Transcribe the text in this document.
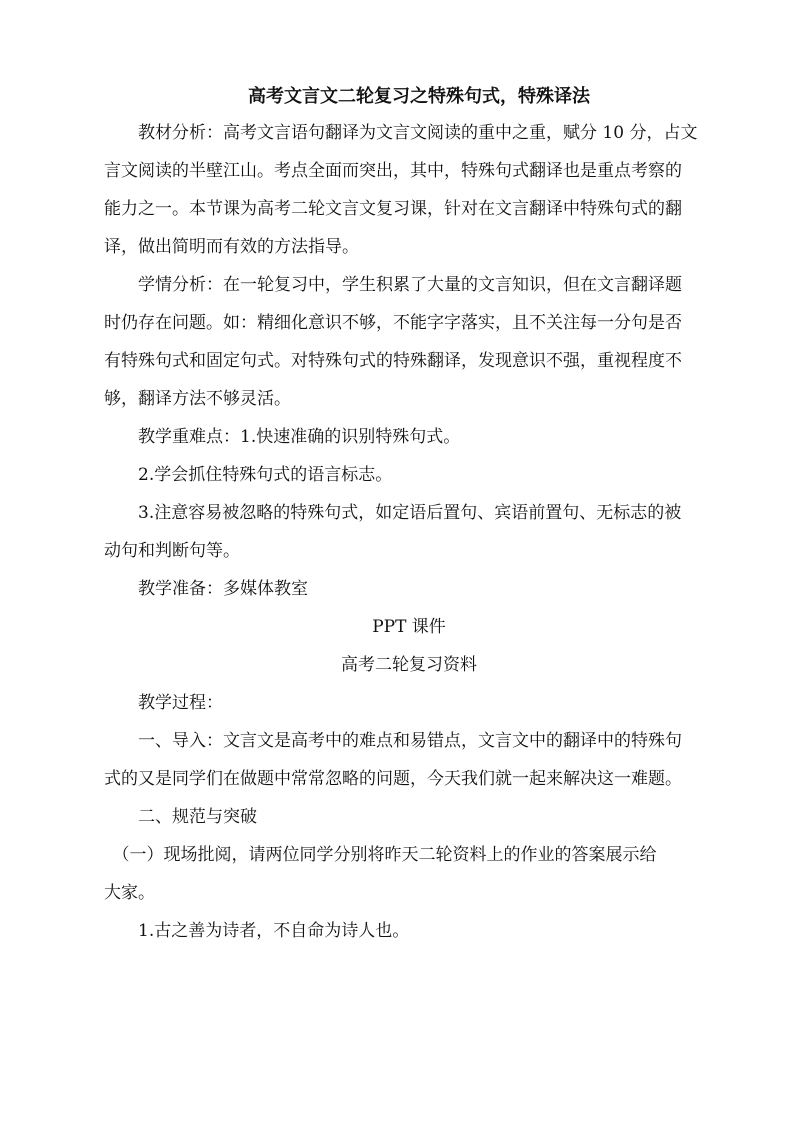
高考文言文二轮复习之特殊句式，特殊译法

　　教材分析：高考文言语句翻译为文言文阅读的重中之重，赋分 10 分，占文
言文阅读的半壁江山。考点全面而突出，其中，特殊句式翻译也是重点考察的
能力之一。本节课为高考二轮文言文复习课，针对在文言翻译中特殊句式的翻
译，做出简明而有效的方法指导。

　　学情分析：在一轮复习中，学生积累了大量的文言知识，但在文言翻译题
时仍存在问题。如：精细化意识不够，不能字字落实，且不关注每一分句是否
有特殊句式和固定句式。对特殊句式的特殊翻译，发现意识不强，重视程度不
够，翻译方法不够灵活。

　　教学重难点：1.快速准确的识别特殊句式。

　　2.学会抓住特殊句式的语言标志。

　　3.注意容易被忽略的特殊句式，如定语后置句、宾语前置句、无标志的被
动句和判断句等。

　　教学准备：多媒体教室

PPT 课件

高考二轮复习资料

　　教学过程：

　　一、导入：文言文是高考中的难点和易错点，文言文中的翻译中的特殊句
式的又是同学们在做题中常常忽略的问题，今天我们就一起来解决这一难题。

　　二、规范与突破

　（一）现场批阅，请两位同学分别将昨天二轮资料上的作业的答案展示给
大家。

　　1.古之善为诗者，不自命为诗人也。
